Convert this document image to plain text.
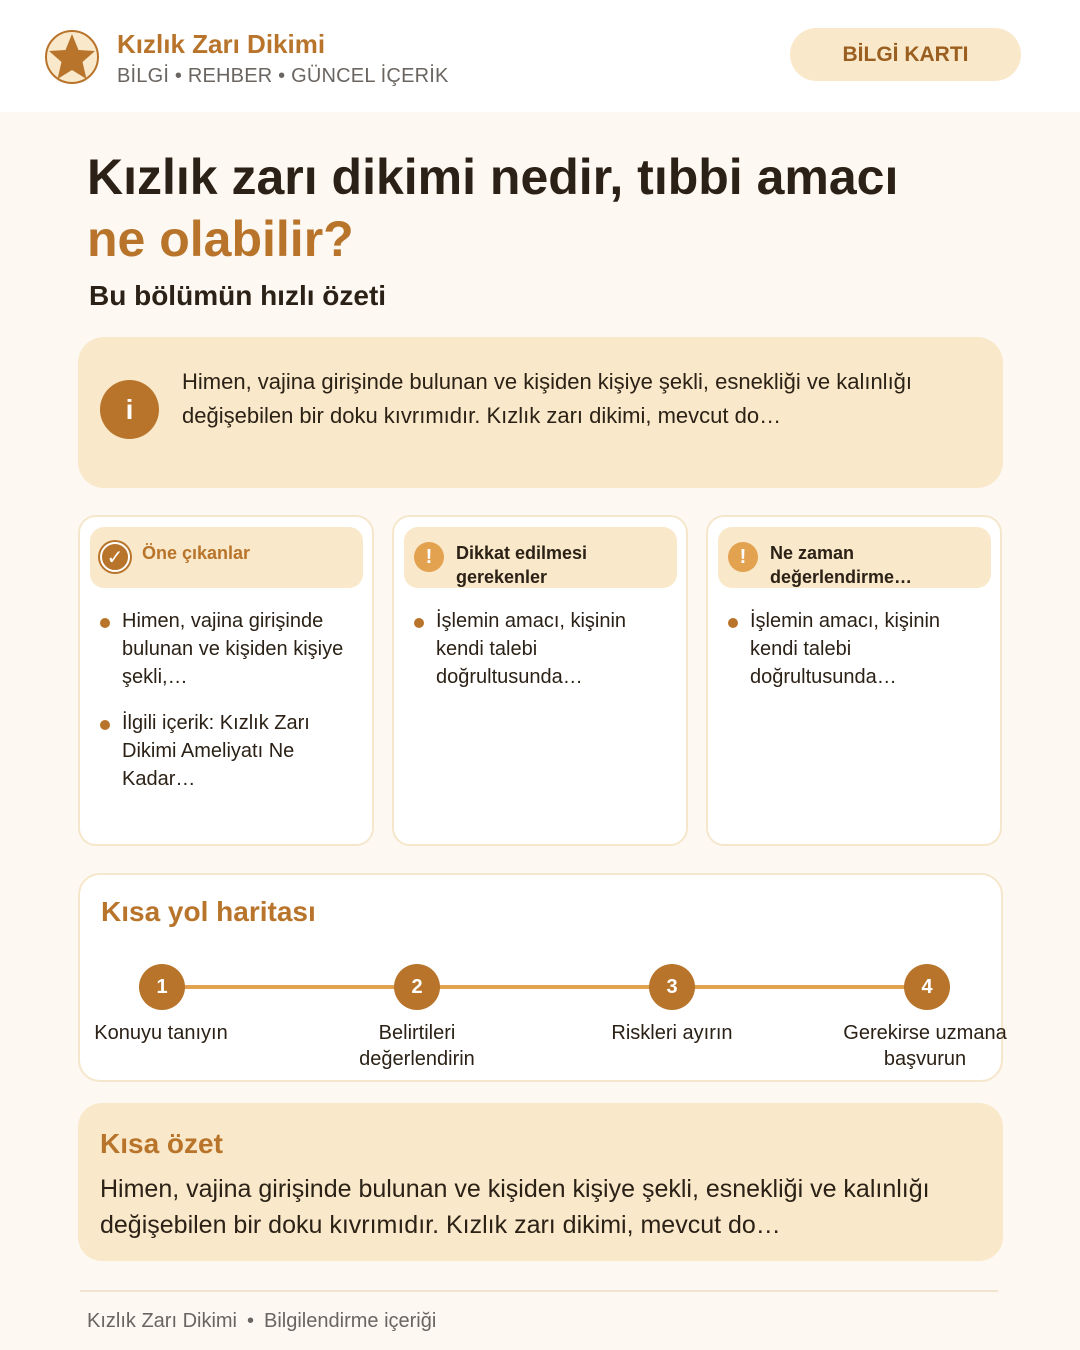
Kızlık Zarı Dikimi
BİLGİ • REHBER • GÜNCEL İÇERİK
BİLGİ KARTI
Kızlık zarı dikimi nedir, tıbbi amacı
ne olabilir?
Bu bölümün hızlı özeti
i

Himen, vajina girişinde bulunan ve kişiden kişiye şekli, esnekliği ve kalınlığı değişebilen bir doku kıvrımıdır. Kızlık zarı dikimi, mevcut do…

✓	Öne çıkanlar
Himen, vajina girişinde bulunan ve kişiden kişiye şekli,…
İlgili içerik: Kızlık Zarı Dikimi Ameliyatı Ne Kadar…
!	Dikkat edilmesi gerekenler
İşlemin amacı, kişinin kendi talebi doğrultusunda…
!	Ne zaman değerlendirme…
İşlemin amacı, kişinin kendi talebi doğrultusunda…
Kısa yol haritası
1
Konuyu tanıyın
2
Belirtileri değerlendirin
3
Riskleri ayırın
4
Gerekirse uzmana başvurun
Kısa özet

Himen, vajina girişinde bulunan ve kişiden kişiye şekli, esnekliği ve kalınlığı değişebilen bir doku kıvrımıdır. Kızlık zarı dikimi, mevcut do…

Kızlık Zarı Dikimi • Bilgilendirme içeriği
